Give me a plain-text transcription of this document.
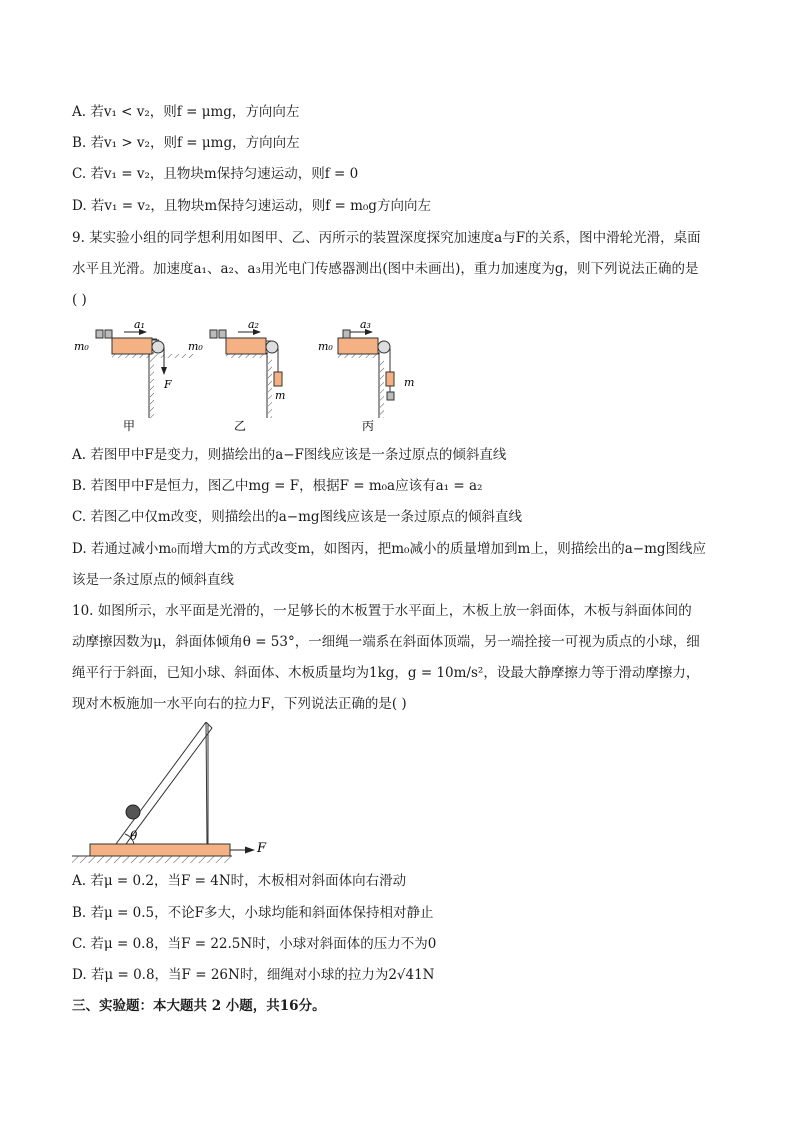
A. 若v₁ < v₂，则f = μmg，方向向左
B. 若v₁ > v₂，则f = μmg，方向向左
C. 若v₁ = v₂，且物块m保持匀速运动，则f = 0
D. 若v₁ = v₂，且物块m保持匀速运动，则f = m₀g方向向左
9. 某实验小组的同学想利用如图甲、乙、丙所示的装置深度探究加速度a与F的关系，图中滑轮光滑，桌面
水平且光滑。加速度a₁、a₂、a₃用光电门传感器测出(图中未画出)，重力加速度为g，则下列说法正确的是
( )
a₁
m₀
F
a₂
m₀
m
a₃
m₀
m
甲	乙	丙
A. 若图甲中F是变力，则描绘出的a−F图线应该是一条过原点的倾斜直线
B. 若图甲中F是恒力，图乙中mg = F，根据F = m₀a应该有a₁ = a₂
C. 若图乙中仅m改变，则描绘出的a−mg图线应该是一条过原点的倾斜直线
D. 若通过减小m₀而增大m的方式改变m，如图丙，把m₀减小的质量增加到m上，则描绘出的a−mg图线应
该是一条过原点的倾斜直线
10. 如图所示，水平面是光滑的，一足够长的木板置于水平面上，木板上放一斜面体，木板与斜面体间的
动摩擦因数为μ，斜面体倾角θ = 53°，一细绳一端系在斜面体顶端，另一端拴接一可视为质点的小球，细
绳平行于斜面，已知小球、斜面体、木板质量均为1kg，g = 10m/s²，设最大静摩擦力等于滑动摩擦力，
现对木板施加一水平向右的拉力F，下列说法正确的是( )
θ
F
A. 若μ = 0.2，当F = 4N时，木板相对斜面体向右滑动
B. 若μ = 0.5，不论F多大，小球均能和斜面体保持相对静止
C. 若μ = 0.8，当F = 22.5N时，小球对斜面体的压力不为0
D. 若μ = 0.8，当F = 26N时，细绳对小球的拉力为2√41N
三、实验题：本大题共 2 小题，共16分。
